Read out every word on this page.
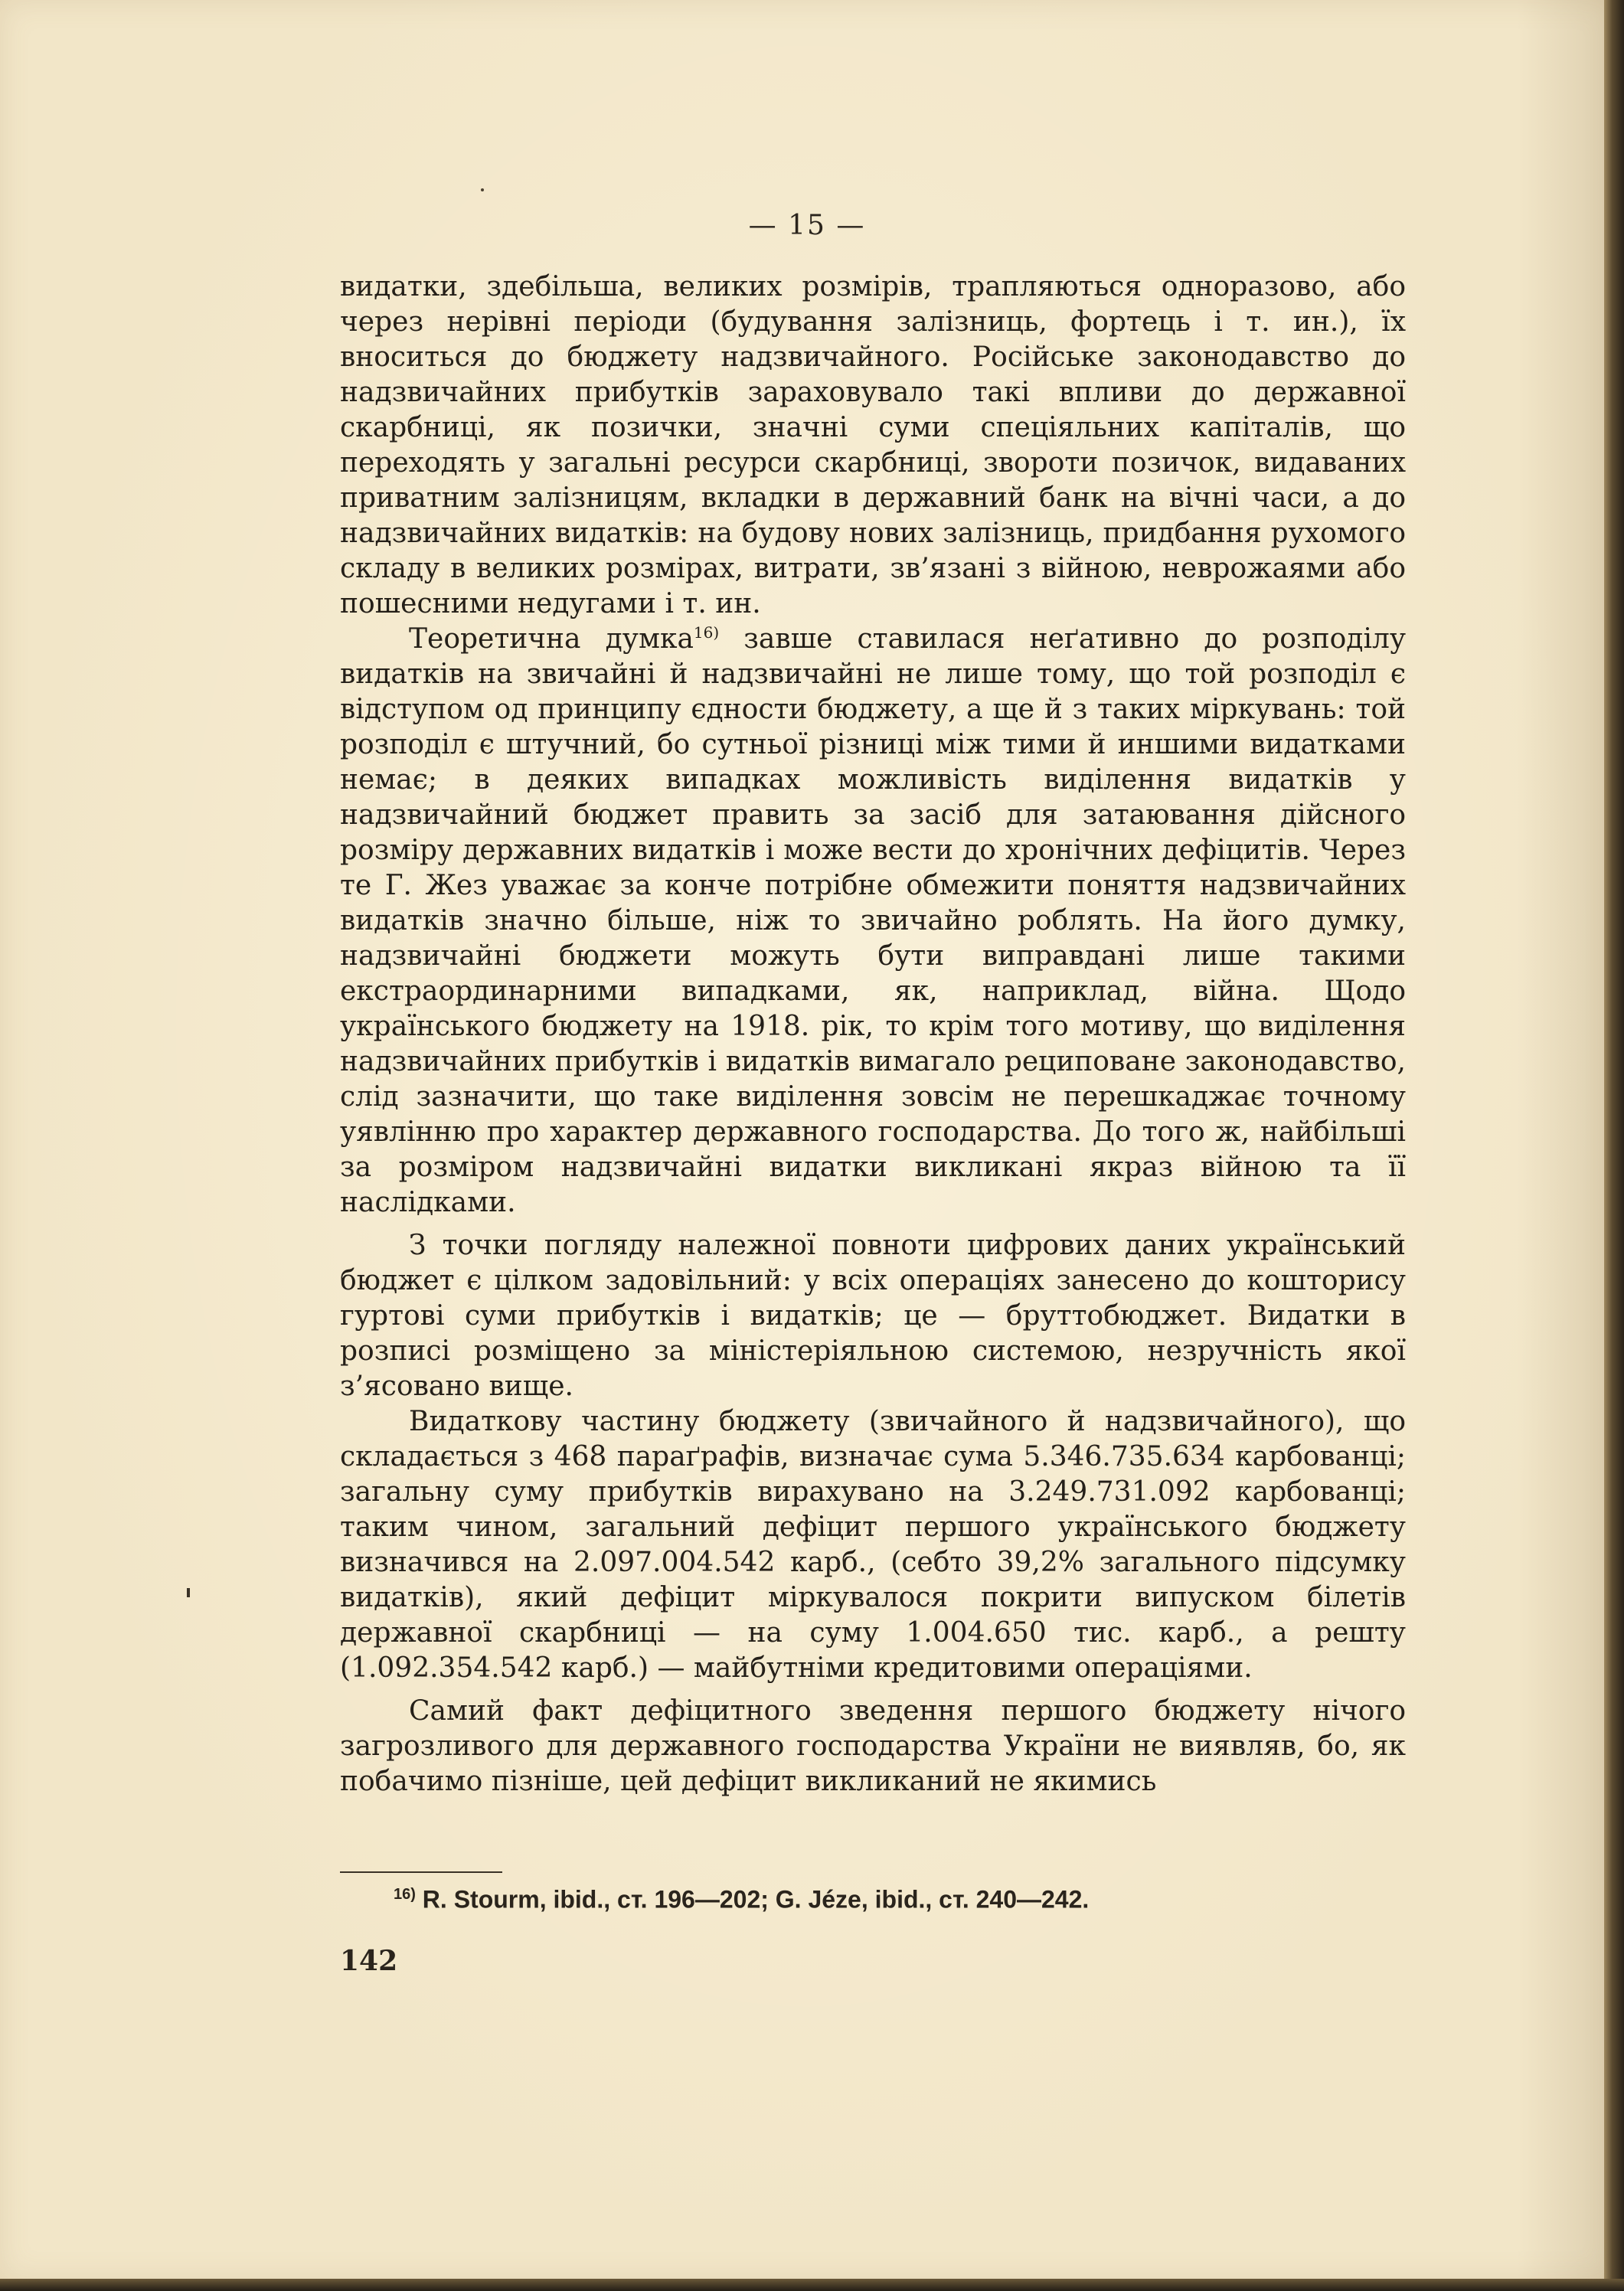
— 15 —

видатки, здебільша, великих розмірів, трапляються одноразово, або через нерівні періоди (будування залізниць, фортець і т. ин.), їх вноситься до бюджету надзвичайного. Російське законодавство до надзвичайних прибутків зараховувало такі впливи до державної скарбниці, як позички, значні суми спеціяльних капіталів, що переходять у загальні ресурси скарбниці, звороти позичок, видаваних приватним залізницям, вкладки в державний банк на вічні часи, а до надзвичайних видатків: на будову нових залізниць, придбання рухомого складу в великих розмірах, витрати, зв’язані з війною, неврожаями або пошесними недугами і т. ин.

Теоретична думка$^{16)}$ завше ставилася неґативно до розподілу видатків на звичайні й надзвичайні не лише тому, що той розподіл є відступом од принципу єдности бюджету, а ще й з таких міркувань: той розподіл є штучний, бо сутньої різниці між тими й иншими видатками немає; в деяких випадках можливість виділення видатків у надзвичайний бюджет править за засіб для затаювання дійсного розміру державних видатків і може вести до хронічних дефіцитів. Через те Г. Жез уважає за конче потрібне обмежити поняття надзвичайних видатків значно більше, ніж то звичайно роблять. На його думку, надзвичайні бюджети можуть бути виправдані лише такими екстраординарними випадками, як, наприклад, війна. Щодо українського бюджету на 1918. рік, то крім того мотиву, що виділення надзвичайних прибутків і видатків вимагало рециповане законодавство, слід зазначити, що таке виділення зовсім не перешкаджає точному уявлінню про характер державного господарства. До того ж, найбільші за розміром надзвичайні видатки викликані якраз війною та її наслідками.

З точки погляду належної повноти цифрових даних український бюджет є цілком задовільний: у всіх операціях занесено до кошторису гуртові суми прибутків і видатків; це — бруттобюджет. Видатки в розписі розміщено за міністеріяльною системою, незручність якої з’ясовано вище.

Видаткову частину бюджету (звичайного й надзвичайного), що складається з 468 параґрафів, визначає сума 5.346.735.634 карбованці; загальну суму прибутків вирахувано на 3.249.731.092 карбованці; таким чином, загальний дефіцит першого українського бюджету визначився на 2.097.004.542 карб., (себто 39,2% загального підсумку видатків), який дефіцит міркувалося покрити випуском білетів державної скарбниці — на суму 1.004.650 тис. карб., а решту (1.092.354.542 карб.) — майбутніми кредитовими операціями.

Самий факт дефіцитного зведення першого бюджету нічого загрозливого для державного господарства України не виявляв, бо, як побачимо пізніше, цей дефіцит викликаний не якимись

$^{16)}$ R. Stourm, ibid., ст. 196—202; G. Jéze, ibid., ст. 240—242.
142
